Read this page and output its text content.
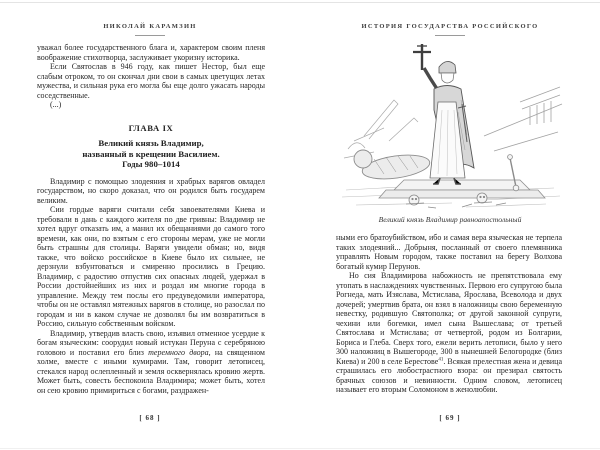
НИКОЛАЙ КАРАМЗИН

уважал более государственного блага и, характером своим пленя воображение стихотворца, заслуживает укоризну историка.

Если Святослав в 946 году, как пишет Нестор, был еще слабым отроком, то он скончал дни свои в самых цветущих летах мужества, и сильная рука его могла бы еще долго ужасать народы соседственные.

(...)

ГЛАВА IX
Великий князь Владимир,
названный в крещении Василием.
Годы 980–1014

Владимир с помощью злодеяния и храбрых варягов овладел государством, но скоро доказал, что он родился быть государем великим.

Сии гордые варяги считали себя завоевателями Киева и требовали в дань с каждого жителя по две гривны: Владимир не хотел вдруг отказать им, а манил их обещаниями до самого того времени, как они, по взятым с его стороны мерам, уже не могли быть страшны для столицы. Варяги увидели обман; но, видя также, что войско российское в Киеве было их сильнее, не дерзнули взбунтоваться и смиренно просились в Грецию. Владимир, с радостию отпустив сих опасных людей, удержал в России достойнейших из них и роздал им многие города в управление. Между тем послы его предуведомили императора, чтобы он не оставлял мятежных варягов в столице, но разослал по городам и ни в каком случае не дозволял бы им возвратиться в Россию, сильную собственным войском.

Владимир, утвердив власть свою, изъявил отменное усердие к богам языческим: соорудил новый истукан Перуна с серебряною головою и поставил его близ теремного двора, на священном холме, вместе с иными кумирами. Там, говорит летописец, стекался народ ослепленный и земля осквернялась кровию жертв. Может быть, совесть беспокоила Владимира; может быть, хотел он сею кровию примириться с богами, раздражен-

[ 68 ]
ИСТОРИЯ ГОСУДАРСТВА РОССИЙСКОГО
Великий князь Владимир равноапостольный

ными его братоубийством, ибо и самая вера языческая не терпела таких злодеяний... Добрыня, посланный от своего племянника управлять Новым городом, также поставил на берегу Волхова богатый кумир Перунов.

Но сия Владимирова набожность не препятствовала ему утопать в наслаждениях чувственных. Первою его супругою была Рогнеда, мать Изяслава, Мстислава, Ярослава, Всеволода и двух дочерей; умертвив брата, он взял в наложницы свою беременную невестку, родившую Святополка; от другой законной супруги, чехини или богемки, имел сына Вышеслава; от третьей Святослава и Мстислава; от четвертой, родом из Болгарии, Бориса и Глеба. Сверх того, ежели верить летописи, было у него 300 наложниц в Вышегороде, 300 в нынешней Белогородке (близ Киева) и 200 в селе Берестове$^{41}$. Всякая прелестная жена и девица страшилась его любострастного взора: он презирал святость брачных союзов и невинности. Одним словом, летописец называет его вторым Соломоном в женолюбии.

[ 69 ]
